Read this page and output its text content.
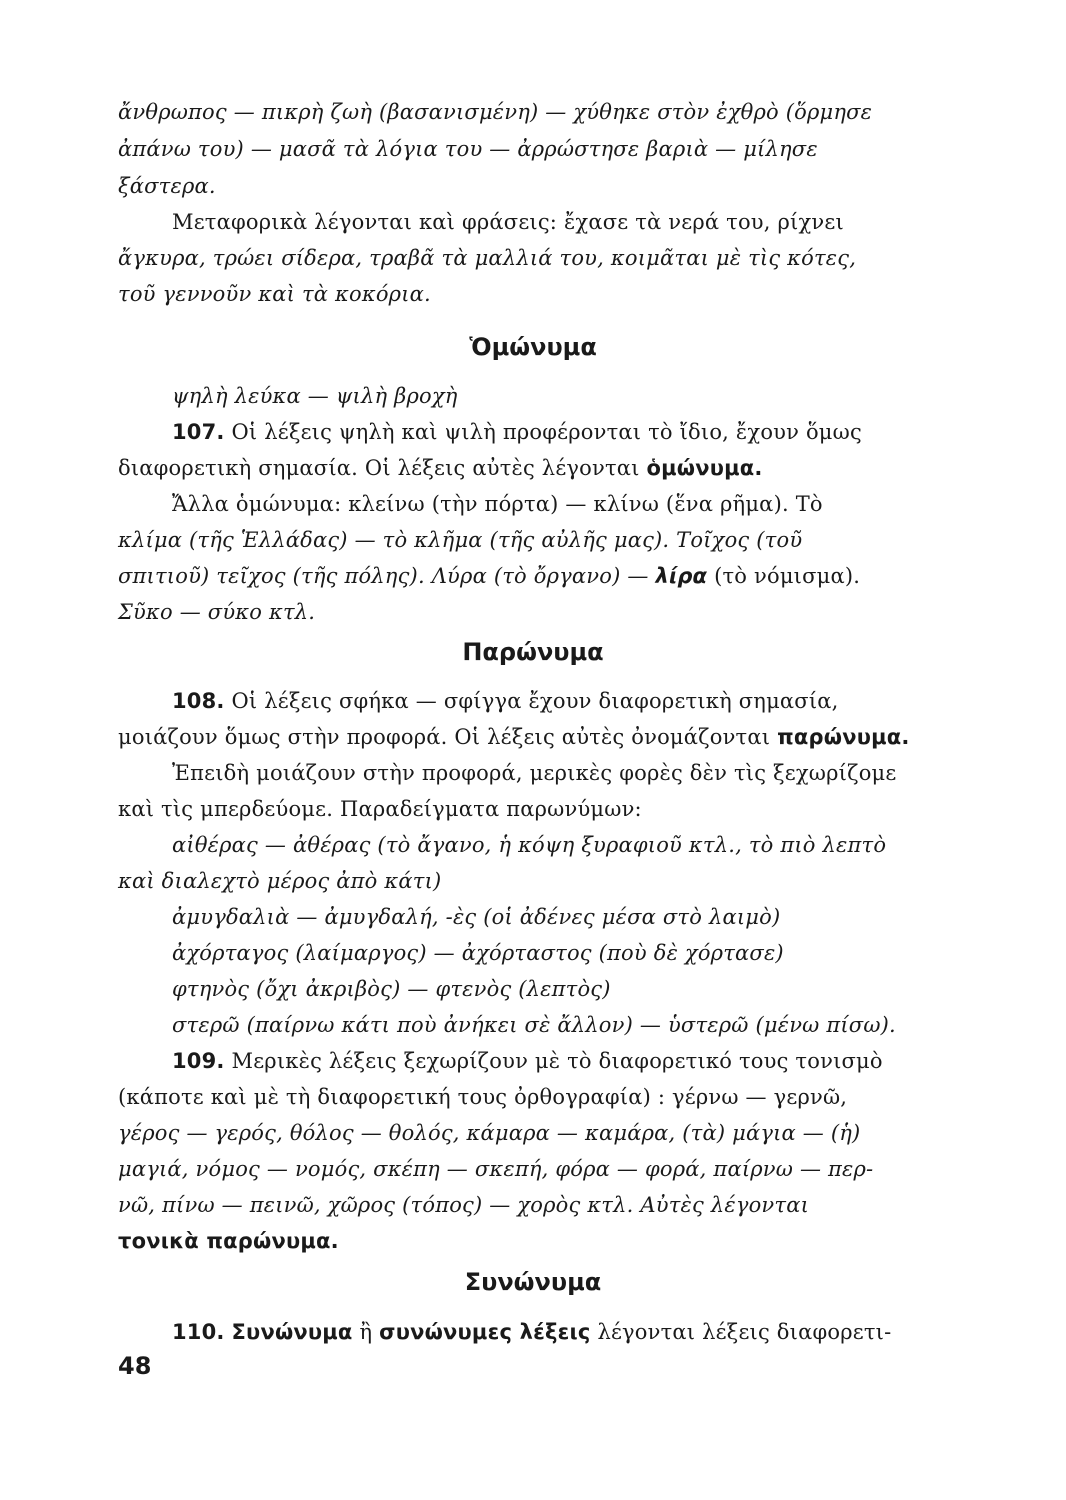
ἄνθρωπος — πικρὴ ζωὴ (βασανισμένη) — χύθηκε στὸν ἐχθρὸ (ὅρμησε
ἀπάνω του) — μασᾶ τὰ λόγια του — ἀρρώστησε βαριὰ — μίλησε
ξάστερα.
Μεταφορικὰ λέγονται καὶ φράσεις: ἔχασε τὰ νερά του, ρίχνει
ἄγκυρα, τρώει σίδερα, τραβᾶ τὰ μαλλιά του, κοιμᾶται μὲ τὶς κότες,
τοῦ γεννοῦν καὶ τὰ κοκόρια.
Ὁμώνυμα
ψηλὴ λεύκα — ψιλὴ βροχὴ
107. Οἱ λέξεις ψηλὴ καὶ ψιλὴ προφέρονται τὸ ἴδιο, ἔχουν ὅμως
διαφορετικὴ σημασία. Οἱ λέξεις αὐτὲς λέγονται ὁμώνυμα.
Ἄλλα ὁμώνυμα: κλείνω (τὴν πόρτα) — κλίνω (ἕνα ρῆμα). Τὸ
κλίμα (τῆς Ἑλλάδας) — τὸ κλῆμα (τῆς αὐλῆς μας). Τοῖχος (τοῦ
σπιτιοῦ) τεῖχος (τῆς πόλης). Λύρα (τὸ ὄργανο) — λίρα (τὸ νόμισμα).
Σῦκο — σύκο κτλ.
Παρώνυμα
108. Οἱ λέξεις σφήκα — σφίγγα ἔχουν διαφορετικὴ σημασία,
μοιάζουν ὅμως στὴν προφορά. Οἱ λέξεις αὐτὲς ὀνομάζονται παρώνυμα.
Ἐπειδὴ μοιάζουν στὴν προφορά, μερικὲς φορὲς δὲν τὶς ξεχωρίζομε
καὶ τὶς μπερδεύομε. Παραδείγματα παρωνύμων:
αἰθέρας — ἀθέρας (τὸ ἄγανο, ἡ κόψη ξυραφιοῦ κτλ., τὸ πιὸ λεπτὸ
καὶ διαλεχτὸ μέρος ἀπὸ κάτι)
ἀμυγδαλιὰ — ἀμυγδαλή, -ὲς (οἱ ἀδένες μέσα στὸ λαιμὸ)
ἀχόρταγος (λαίμαργος) — ἀχόρταστος (ποὺ δὲ χόρτασε)
φτηνὸς (ὄχι ἀκριβὸς) — φτενὸς (λεπτὸς)
στερῶ (παίρνω κάτι ποὺ ἀνήκει σὲ ἄλλον) — ὑστερῶ (μένω πίσω).
109. Μερικὲς λέξεις ξεχωρίζουν μὲ τὸ διαφορετικό τους τονισμὸ
(κάποτε καὶ μὲ τὴ διαφορετική τους ὀρθογραφία) : γέρνω — γερνῶ,
γέρος — γερός, θόλος — θολός, κάμαρα — καμάρα, (τὰ) μάγια — (ἡ)
μαγιά, νόμος — νομός, σκέπη — σκεπή, φόρα — φορά, παίρνω — περ-
νῶ, πίνω — πεινῶ, χῶρος (τόπος) — χορὸς κτλ. Αὐτὲς λέγονται
τονικὰ παρώνυμα.
Συνώνυμα
110. Συνώνυμα ἢ συνώνυμες λέξεις λέγονται λέξεις διαφορετι-
48
